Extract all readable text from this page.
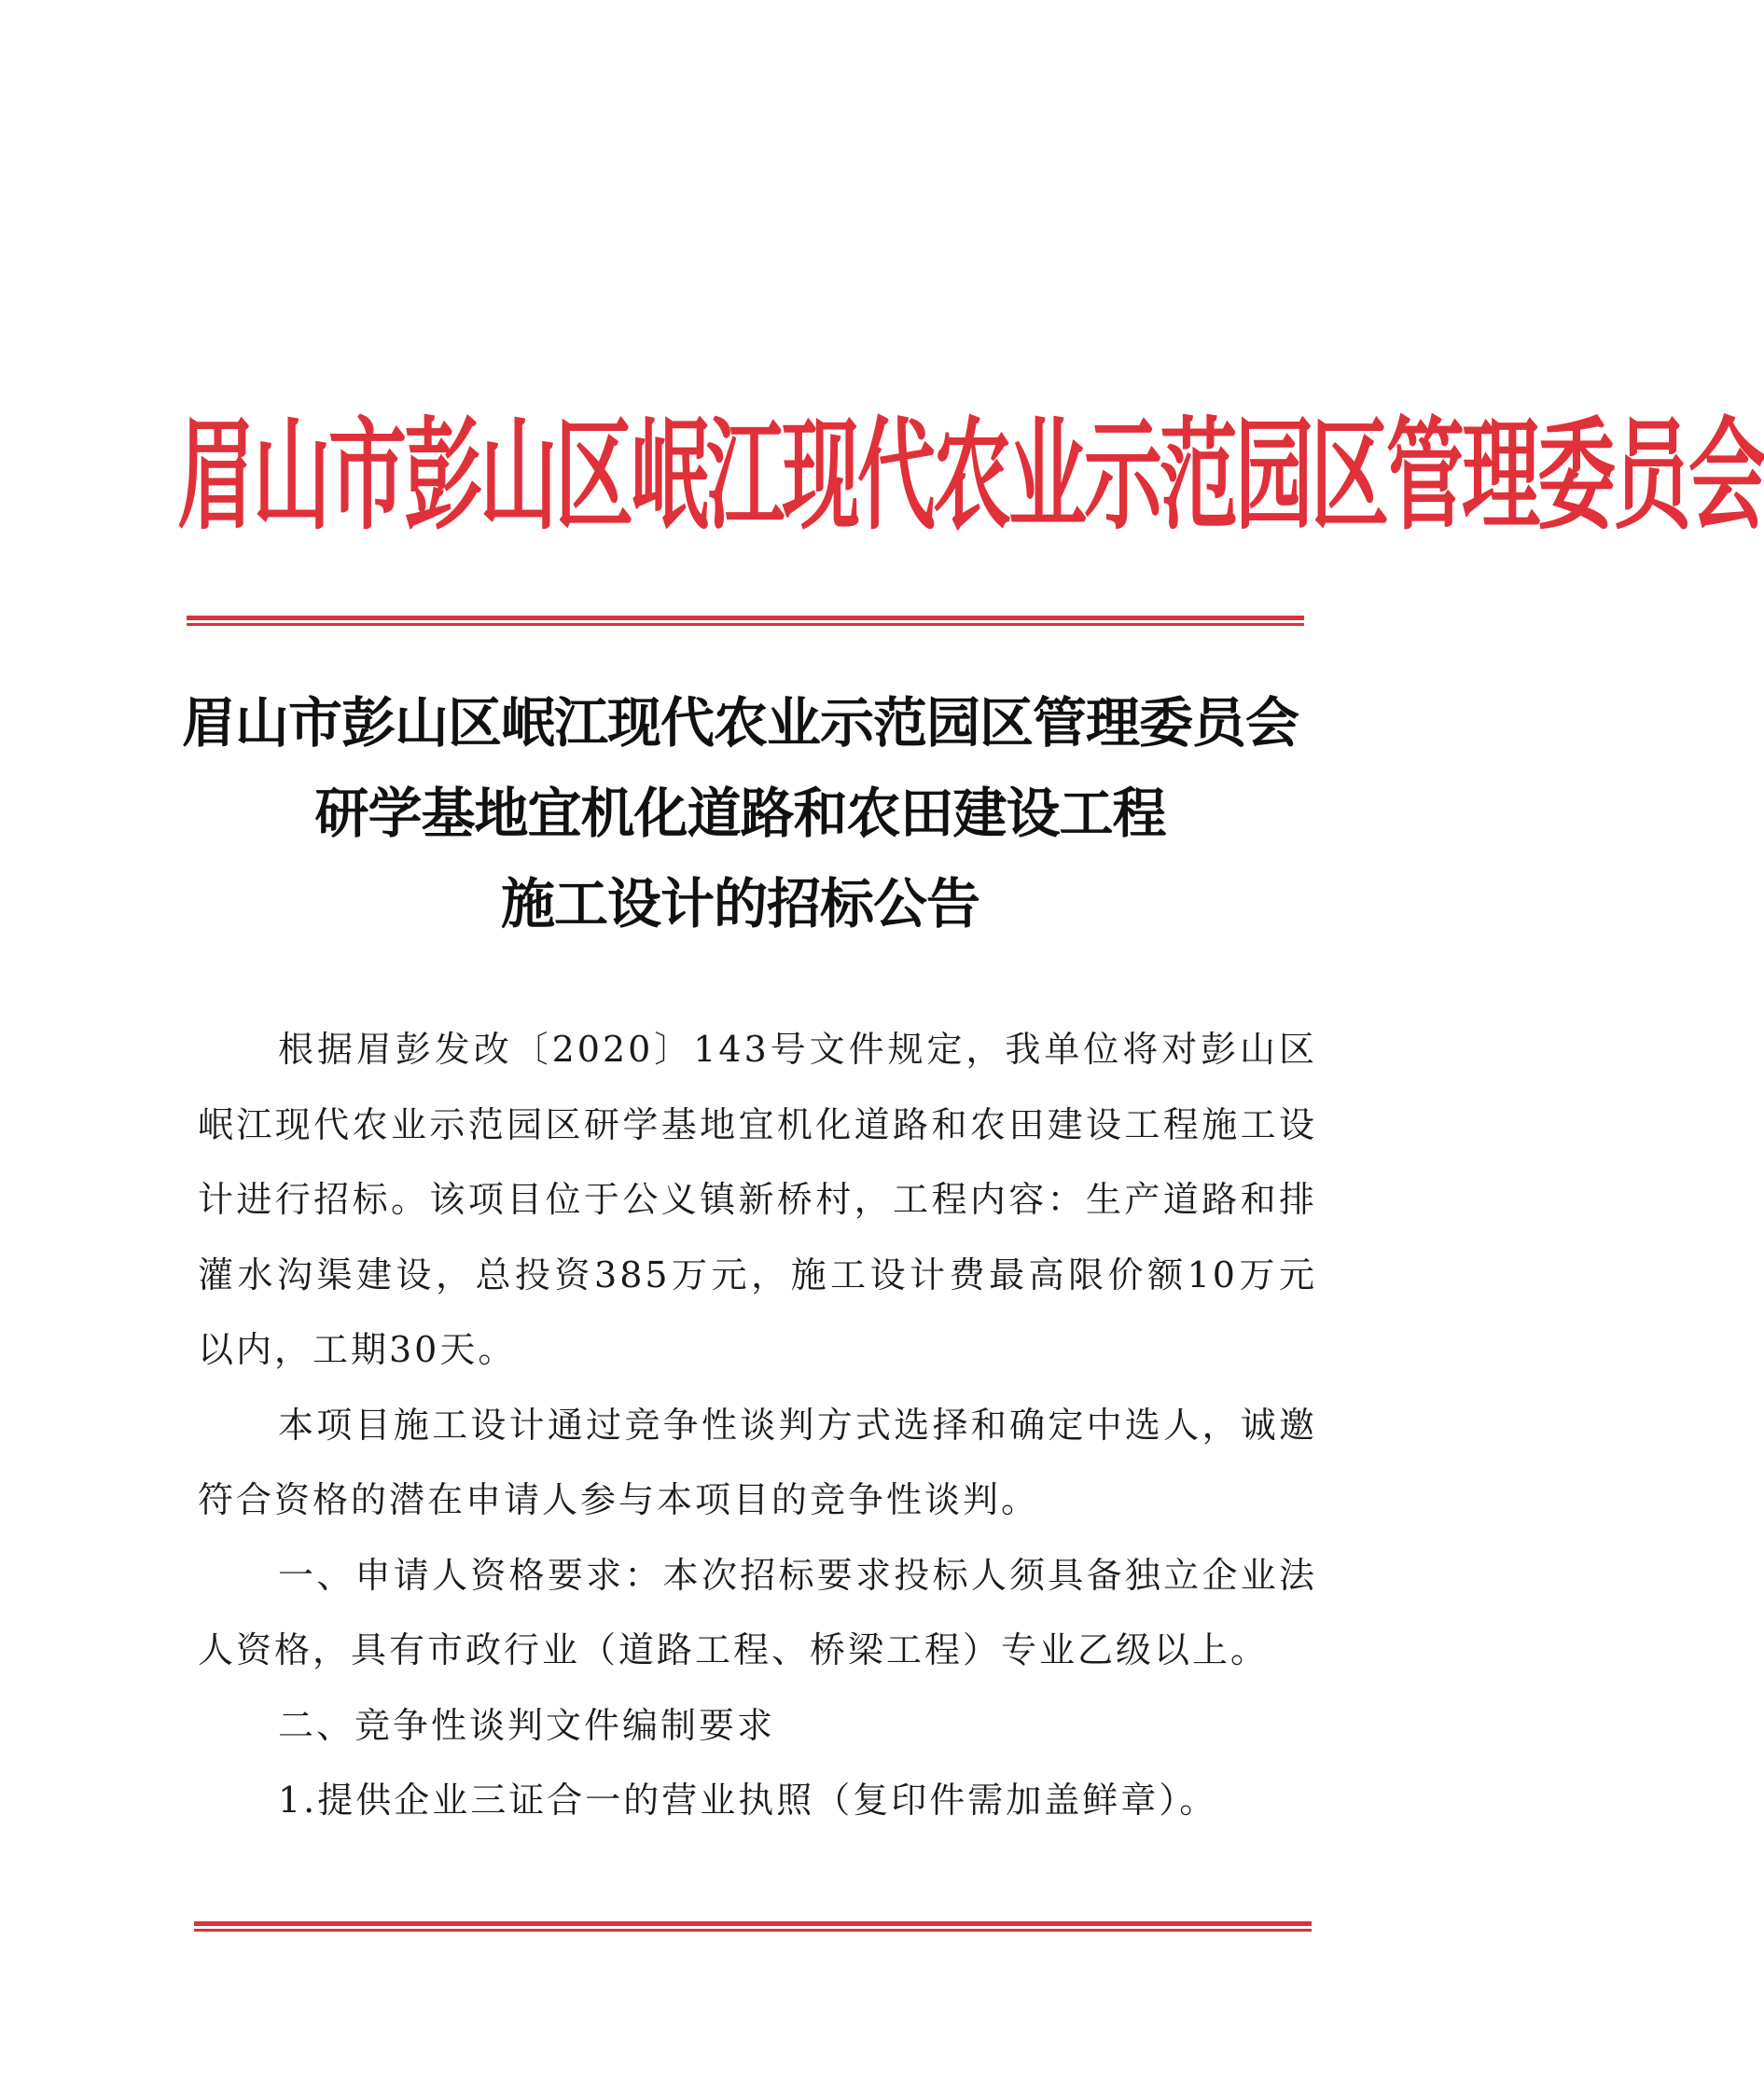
眉山市彭山区岷江现代农业示范园区管理委员会
眉山市彭山区岷江现代农业示范园区管理委员会
研学基地宜机化道路和农田建设工程
施工设计的招标公告

根据眉彭发改〔2020〕143号文件规定，我单位将对彭山区岷江现代农业示范园区研学基地宜机化道路和农田建设工程施工设计进行招标。该项目位于公义镇新桥村，工程内容：生产道路和排灌水沟渠建设，总投资385万元，施工设计费最高限价额10万元以内，工期30天。

本项目施工设计通过竞争性谈判方式选择和确定中选人，诚邀符合资格的潜在申请人参与本项目的竞争性谈判。

一、申请人资格要求：本次招标要求投标人须具备独立企业法人资格，具有市政行业（道路工程、桥梁工程）专业乙级以上。

二、竞争性谈判文件编制要求

1.提供企业三证合一的营业执照（复印件需加盖鲜章）。
